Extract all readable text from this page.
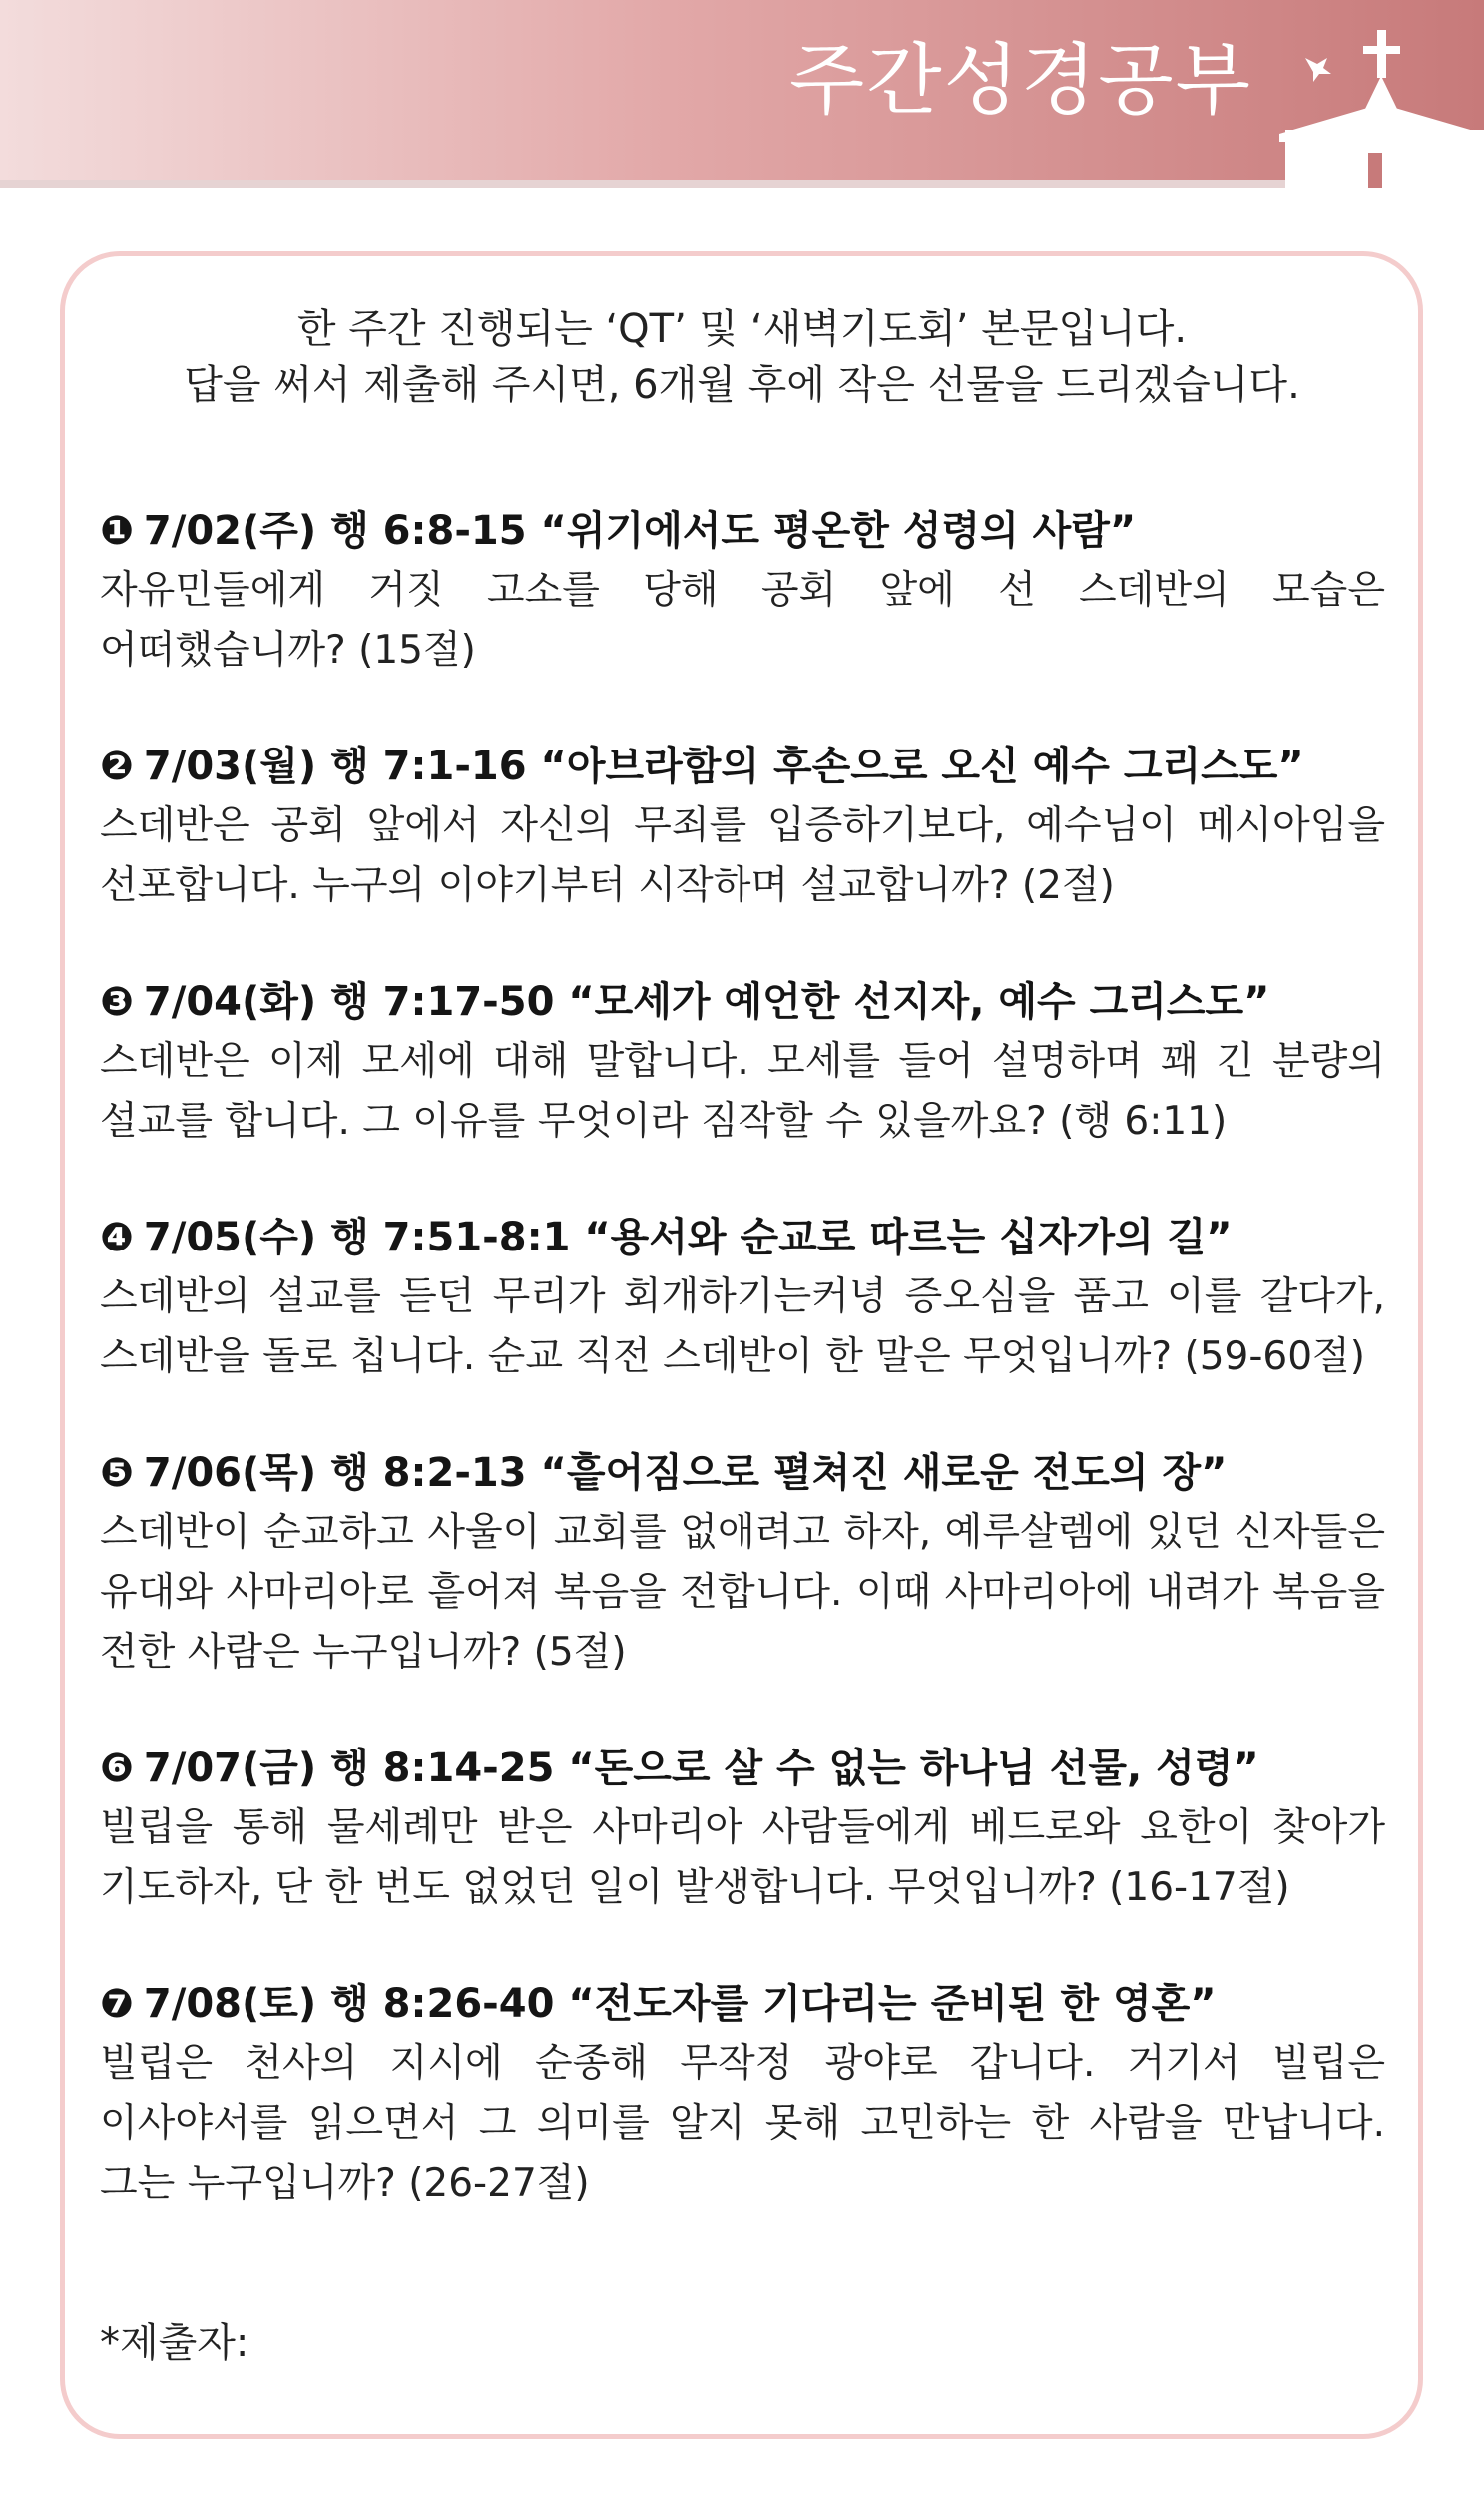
주간성경공부
한 주간 진행되는 ‘QT’ 및 ‘새벽기도회’ 본문입니다.
답을 써서 제출해 주시면, 6개월 후에 작은 선물을 드리겠습니다.
❶ 7/02(주) 행 6:8-15 “위기에서도 평온한 성령의 사람”
자유민들에게 거짓 고소를 당해 공회 앞에 선 스데반의 모습은 어떠했습니까? (15절)
❷ 7/03(월) 행 7:1-16 “아브라함의 후손으로 오신 예수 그리스도”
스데반은 공회 앞에서 자신의 무죄를 입증하기보다, 예수님이 메시아임을 선포합니다. 누구의 이야기부터 시작하며 설교합니까? (2절)
❸ 7/04(화) 행 7:17-50 “모세가 예언한 선지자, 예수 그리스도”
스데반은 이제 모세에 대해 말합니다. 모세를 들어 설명하며 꽤 긴 분량의 설교를 합니다. 그 이유를 무엇이라 짐작할 수 있을까요? (행 6:11)
❹ 7/05(수) 행 7:51-8:1 “용서와 순교로 따르는 십자가의 길”
스데반의 설교를 듣던 무리가 회개하기는커녕 증오심을 품고 이를 갈다가, 스데반을 돌로 칩니다. 순교 직전 스데반이 한 말은 무엇입니까? (59-60절)
❺ 7/06(목) 행 8:2-13 “흩어짐으로 펼쳐진 새로운 전도의 장”
스데반이 순교하고 사울이 교회를 없애려고 하자, 예루살렘에 있던 신자들은 유대와 사마리아로 흩어져 복음을 전합니다. 이때 사마리아에 내려가 복음을 전한 사람은 누구입니까? (5절)
❻ 7/07(금) 행 8:14-25 “돈으로 살 수 없는 하나님 선물, 성령”
빌립을 통해 물세례만 받은 사마리아 사람들에게 베드로와 요한이 찾아가 기도하자, 단 한 번도 없었던 일이 발생합니다. 무엇입니까? (16-17절)
❼ 7/08(토) 행 8:26-40 “전도자를 기다리는 준비된 한 영혼”
빌립은 천사의 지시에 순종해 무작정 광야로 갑니다. 거기서 빌립은 이사야서를 읽으면서 그 의미를 알지 못해 고민하는 한 사람을 만납니다. 그는 누구입니까? (26-27절)
*제출자:
